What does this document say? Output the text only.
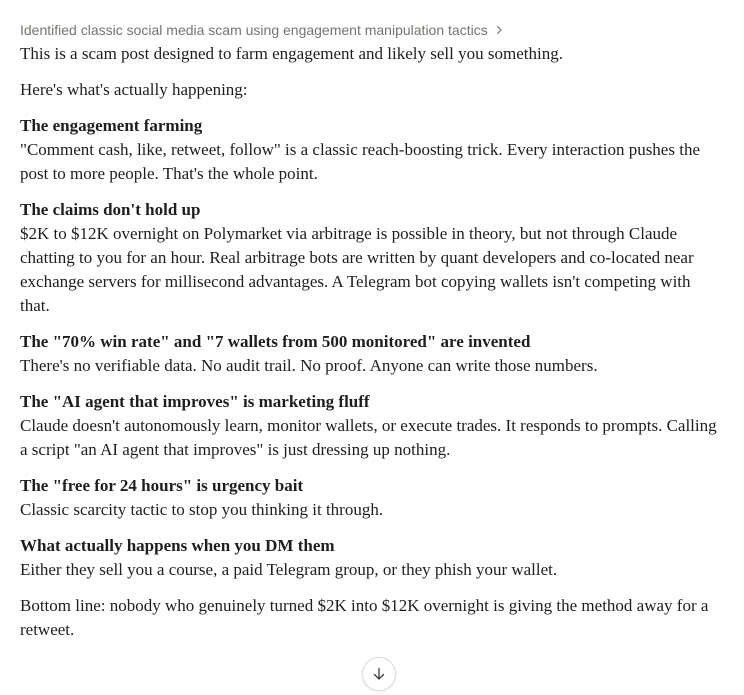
Identified classic social media scam using engagement manipulation tactics

This is a scam post designed to farm engagement and likely sell you something.

Here's what's actually happening:

The engagement farming
"Comment cash, like, retweet, follow" is a classic reach-boosting trick. Every interaction pushes the post to more people. That's the whole point.
The claims don't hold up
$2K to $12K overnight on Polymarket via arbitrage is possible in theory, but not through Claude chatting to you for an hour. Real arbitrage bots are written by quant developers and co-located near exchange servers for millisecond advantages. A Telegram bot copying wallets isn't competing with that.
The "70% win rate" and "7 wallets from 500 monitored" are invented
There's no verifiable data. No audit trail. No proof. Anyone can write those numbers.
The "AI agent that improves" is marketing fluff
Claude doesn't autonomously learn, monitor wallets, or execute trades. It responds to prompts. Calling a script "an AI agent that improves" is just dressing up nothing.
The "free for 24 hours" is urgency bait
Classic scarcity tactic to stop you thinking it through.
What actually happens when you DM them
Either they sell you a course, a paid Telegram group, or they phish your wallet.

Bottom line: nobody who genuinely turned $2K into $12K overnight is giving the method away for a retweet.
